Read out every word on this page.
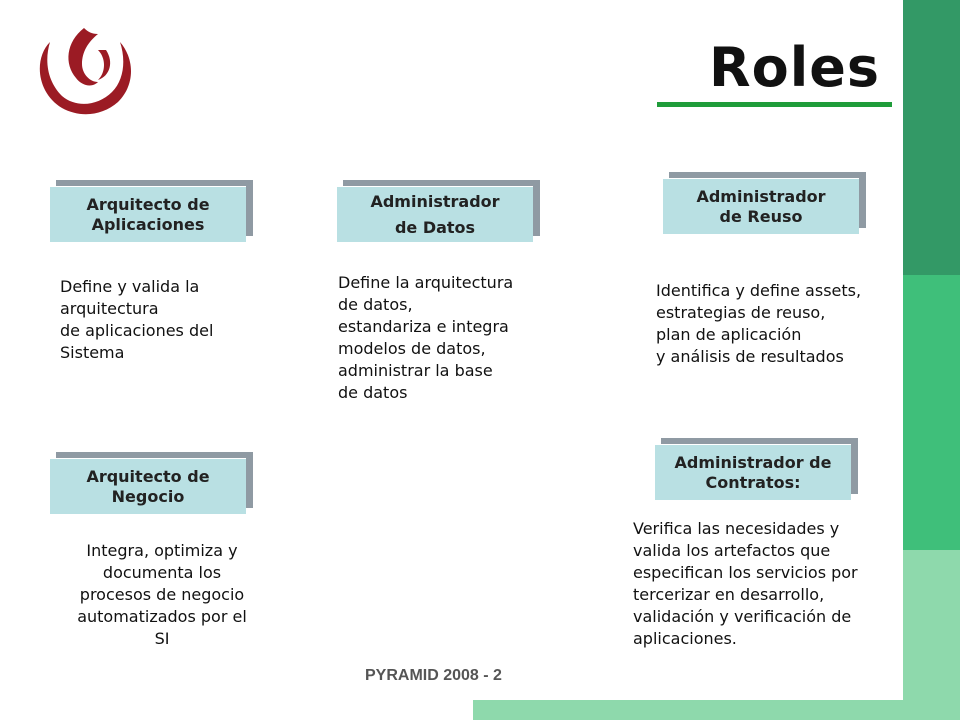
Roles
Arquitecto de
Aplicaciones
Define y valida la
arquitectura
de aplicaciones del
Sistema
Administrador
de Datos
Define la arquitectura
de datos,
estandariza e integra
modelos de datos,
administrar la base
de datos
Administrador
de Reuso
Identifica y define assets,
estrategias de reuso,
plan de aplicación
y análisis de resultados
Arquitecto de
Negocio
Integra, optimiza y
documenta los
procesos de negocio
automatizados por el
SI
Administrador de
Contratos:
Verifica las necesidades y
valida los artefactos que
especifican los servicios por
tercerizar en desarrollo,
validación y verificación de
aplicaciones.
PYRAMID 2008 - 2
